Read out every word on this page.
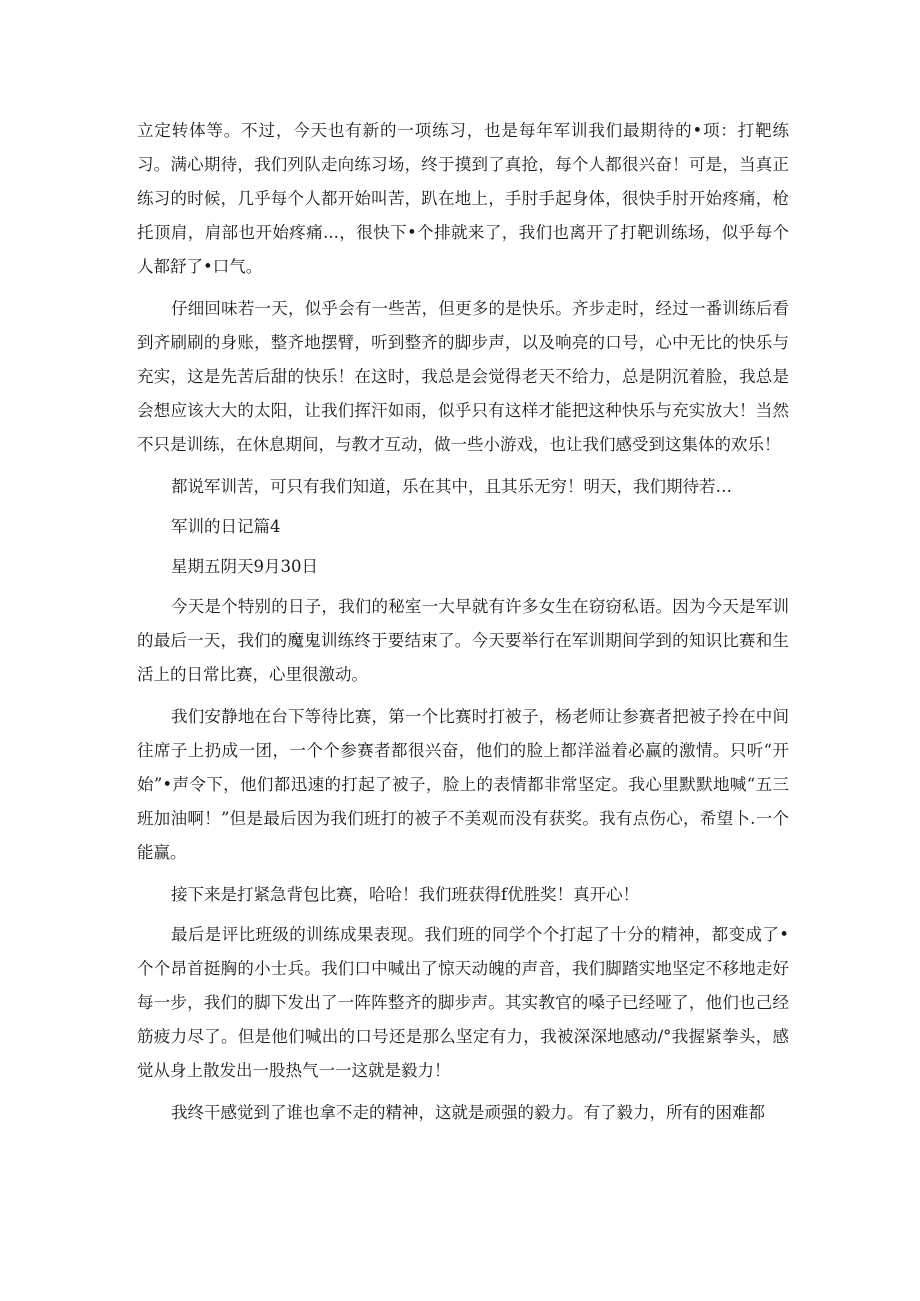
立定转体等。不过，今天也有新的一项练习，也是每年军训我们最期待的•项：打靶练习。满心期待，我们列队走向练习场，终于摸到了真抢，每个人都很兴奋！可是，当真正练习的时候，几乎每个人都开始叫苦，趴在地上，手肘手起身体，很快手肘开始疼痛，枪托顶肩，肩部也开始疼痛...，很快下•个排就来了，我们也离开了打靶训练场，似乎每个人都舒了•口气。

仔细回味若一天，似乎会有一些苦，但更多的是快乐。齐步走时，经过一番训练后看到齐刷刷的身账，整齐地摆臂，听到整齐的脚步声，以及响亮的口号，心中无比的快乐与充实，这是先苦后甜的快乐！在这时，我总是会觉得老天不给力，总是阴沉着脸，我总是会想应该大大的太阳，让我们挥汗如雨，似乎只有这样才能把这种快乐与充实放大！当然不只是训练，在休息期间，与教才互动，做一些小游戏，也让我们感受到这集体的欢乐！

都说军训苦，可只有我们知道，乐在其中，且其乐无穷！明天，我们期待若…

军训的日记篇4

星期五阴天9月30日

今天是个特别的日子，我们的秘室一大早就有许多女生在窃窃私语。因为今天是军训的最后一天，我们的魔鬼训练终于要结束了。今天要举行在军训期间学到的知识比赛和生活上的日常比赛，心里很激动。

我们安静地在台下等待比赛，第一个比赛时打被子，杨老师让参赛者把被子拎在中间往席子上扔成一团，一个个参赛者都很兴奋，他们的脸上都洋溢着必赢的激情。只听“开始”•声令下，他们都迅速的打起了被子，脸上的表情都非常坚定。我心里默默地喊“五三班加油啊！”但是最后因为我们班打的被子不美观而没有获奖。我有点伤心，希望卜.一个能赢。

接下来是打紧急背包比赛，哈哈！我们班获得f优胜奖！真开心！

最后是评比班级的训练成果表现。我们班的同学个个打起了十分的精神，都变成了•个个昂首挺胸的小士兵。我们口中喊出了惊天动魄的声音，我们脚踏实地坚定不移地走好每一步，我们的脚下发出了一阵阵整齐的脚步声。其实教官的嗓子已经哑了，他们也己经筋疲力尽了。但是他们喊出的口号还是那么坚定有力，我被深深地感动/°我握紧拳头，感觉从身上散发出一股热气一一这就是毅力！

我终干感觉到了谁也拿不走的精神，这就是顽强的毅力。有了毅力，所有的困难都
